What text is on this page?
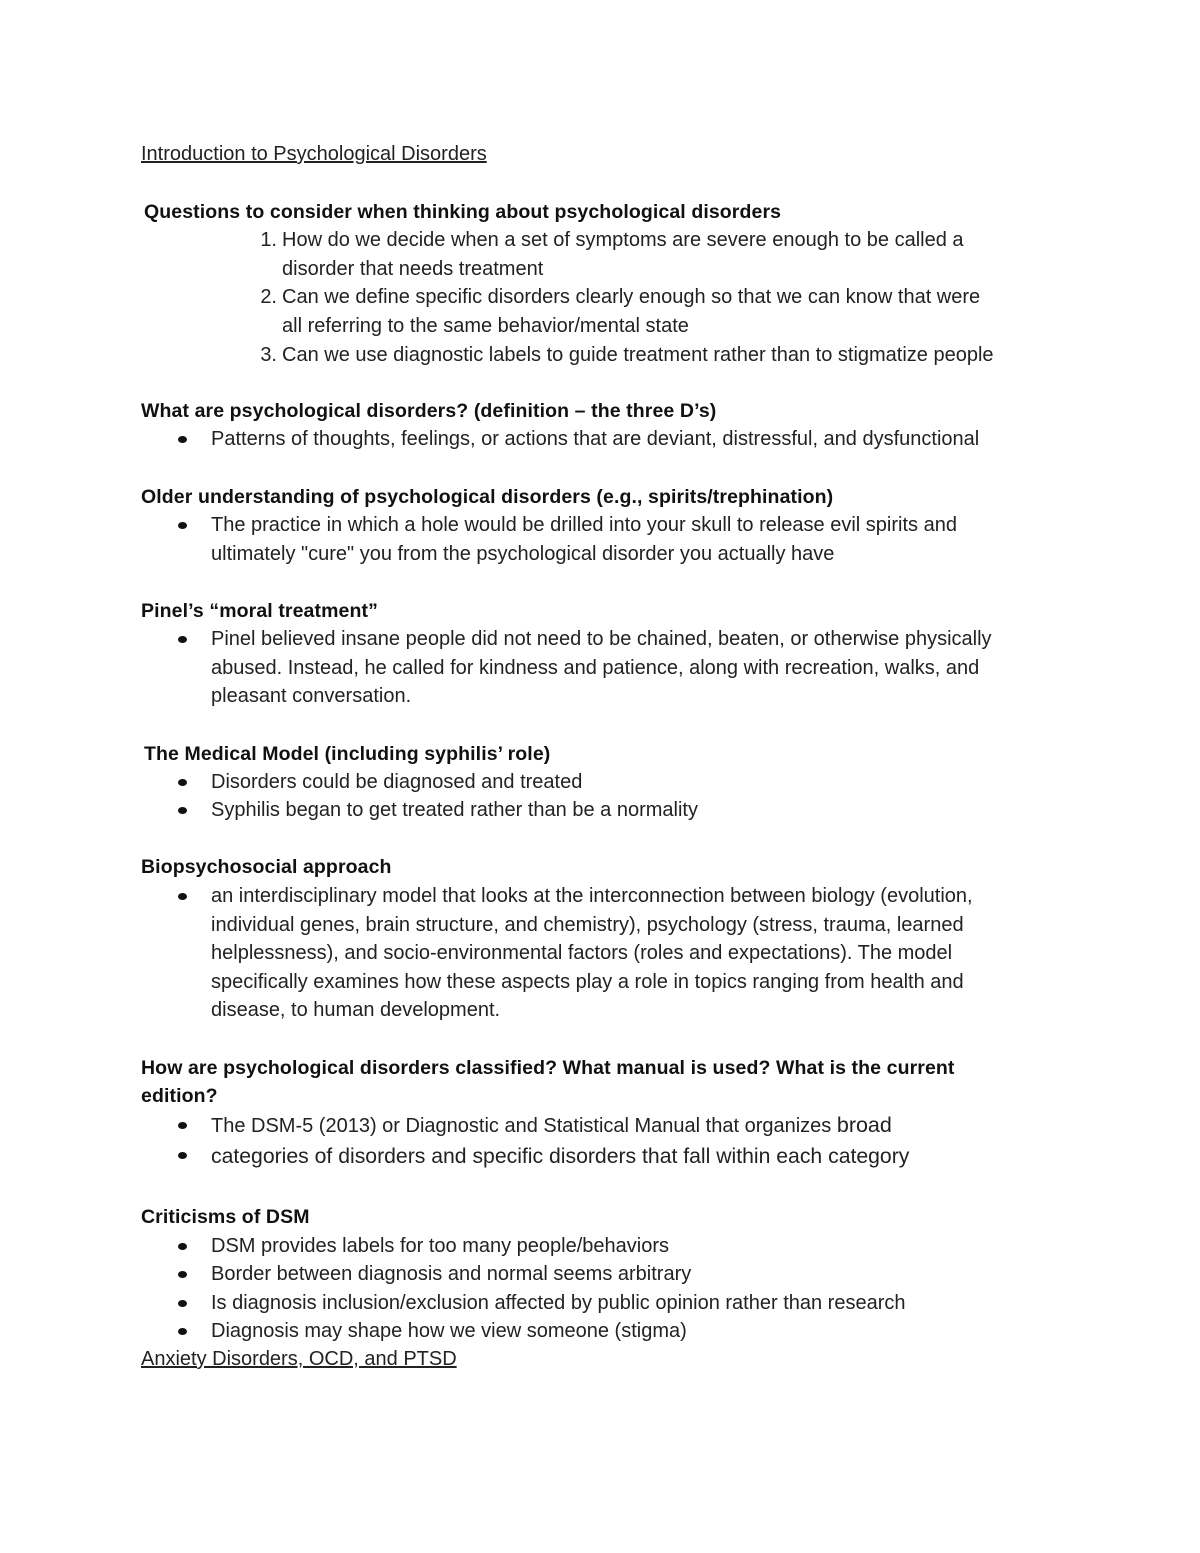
Introduction to Psychological Disorders
Questions to consider when thinking about psychological disorders
1. How do we decide when a set of symptoms are severe enough to be called a
disorder that needs treatment
2. Can we define specific disorders clearly enough so that we can know that were
all referring to the same behavior/mental state
3. Can we use diagnostic labels to guide treatment rather than to stigmatize people
What are psychological disorders? (definition – the three D’s)
Patterns of thoughts, feelings, or actions that are deviant, distressful, and dysfunctional
Older understanding of psychological disorders (e.g., spirits/trephination)
The practice in which a hole would be drilled into your skull to release evil spirits and
ultimately "cure" you from the psychological disorder you actually have
Pinel’s “moral treatment”
Pinel believed insane people did not need to be chained, beaten, or otherwise physically
abused. Instead, he called for kindness and patience, along with recreation, walks, and
pleasant conversation.
The Medical Model (including syphilis’ role)
Disorders could be diagnosed and treated
Syphilis began to get treated rather than be a normality
Biopsychosocial approach
an interdisciplinary model that looks at the interconnection between biology (evolution,
individual genes, brain structure, and chemistry), psychology (stress, trauma, learned
helplessness), and socio-environmental factors (roles and expectations). The model
specifically examines how these aspects play a role in topics ranging from health and
disease, to human development.
How are psychological disorders classified? What manual is used? What is the current
edition?
The DSM-5 (2013) or Diagnostic and Statistical Manual that organizes broad
categories of disorders and specific disorders that fall within each category
Criticisms of DSM
DSM provides labels for too many people/behaviors
Border between diagnosis and normal seems arbitrary
Is diagnosis inclusion/exclusion affected by public opinion rather than research
Diagnosis may shape how we view someone (stigma)
Anxiety Disorders, OCD, and PTSD
